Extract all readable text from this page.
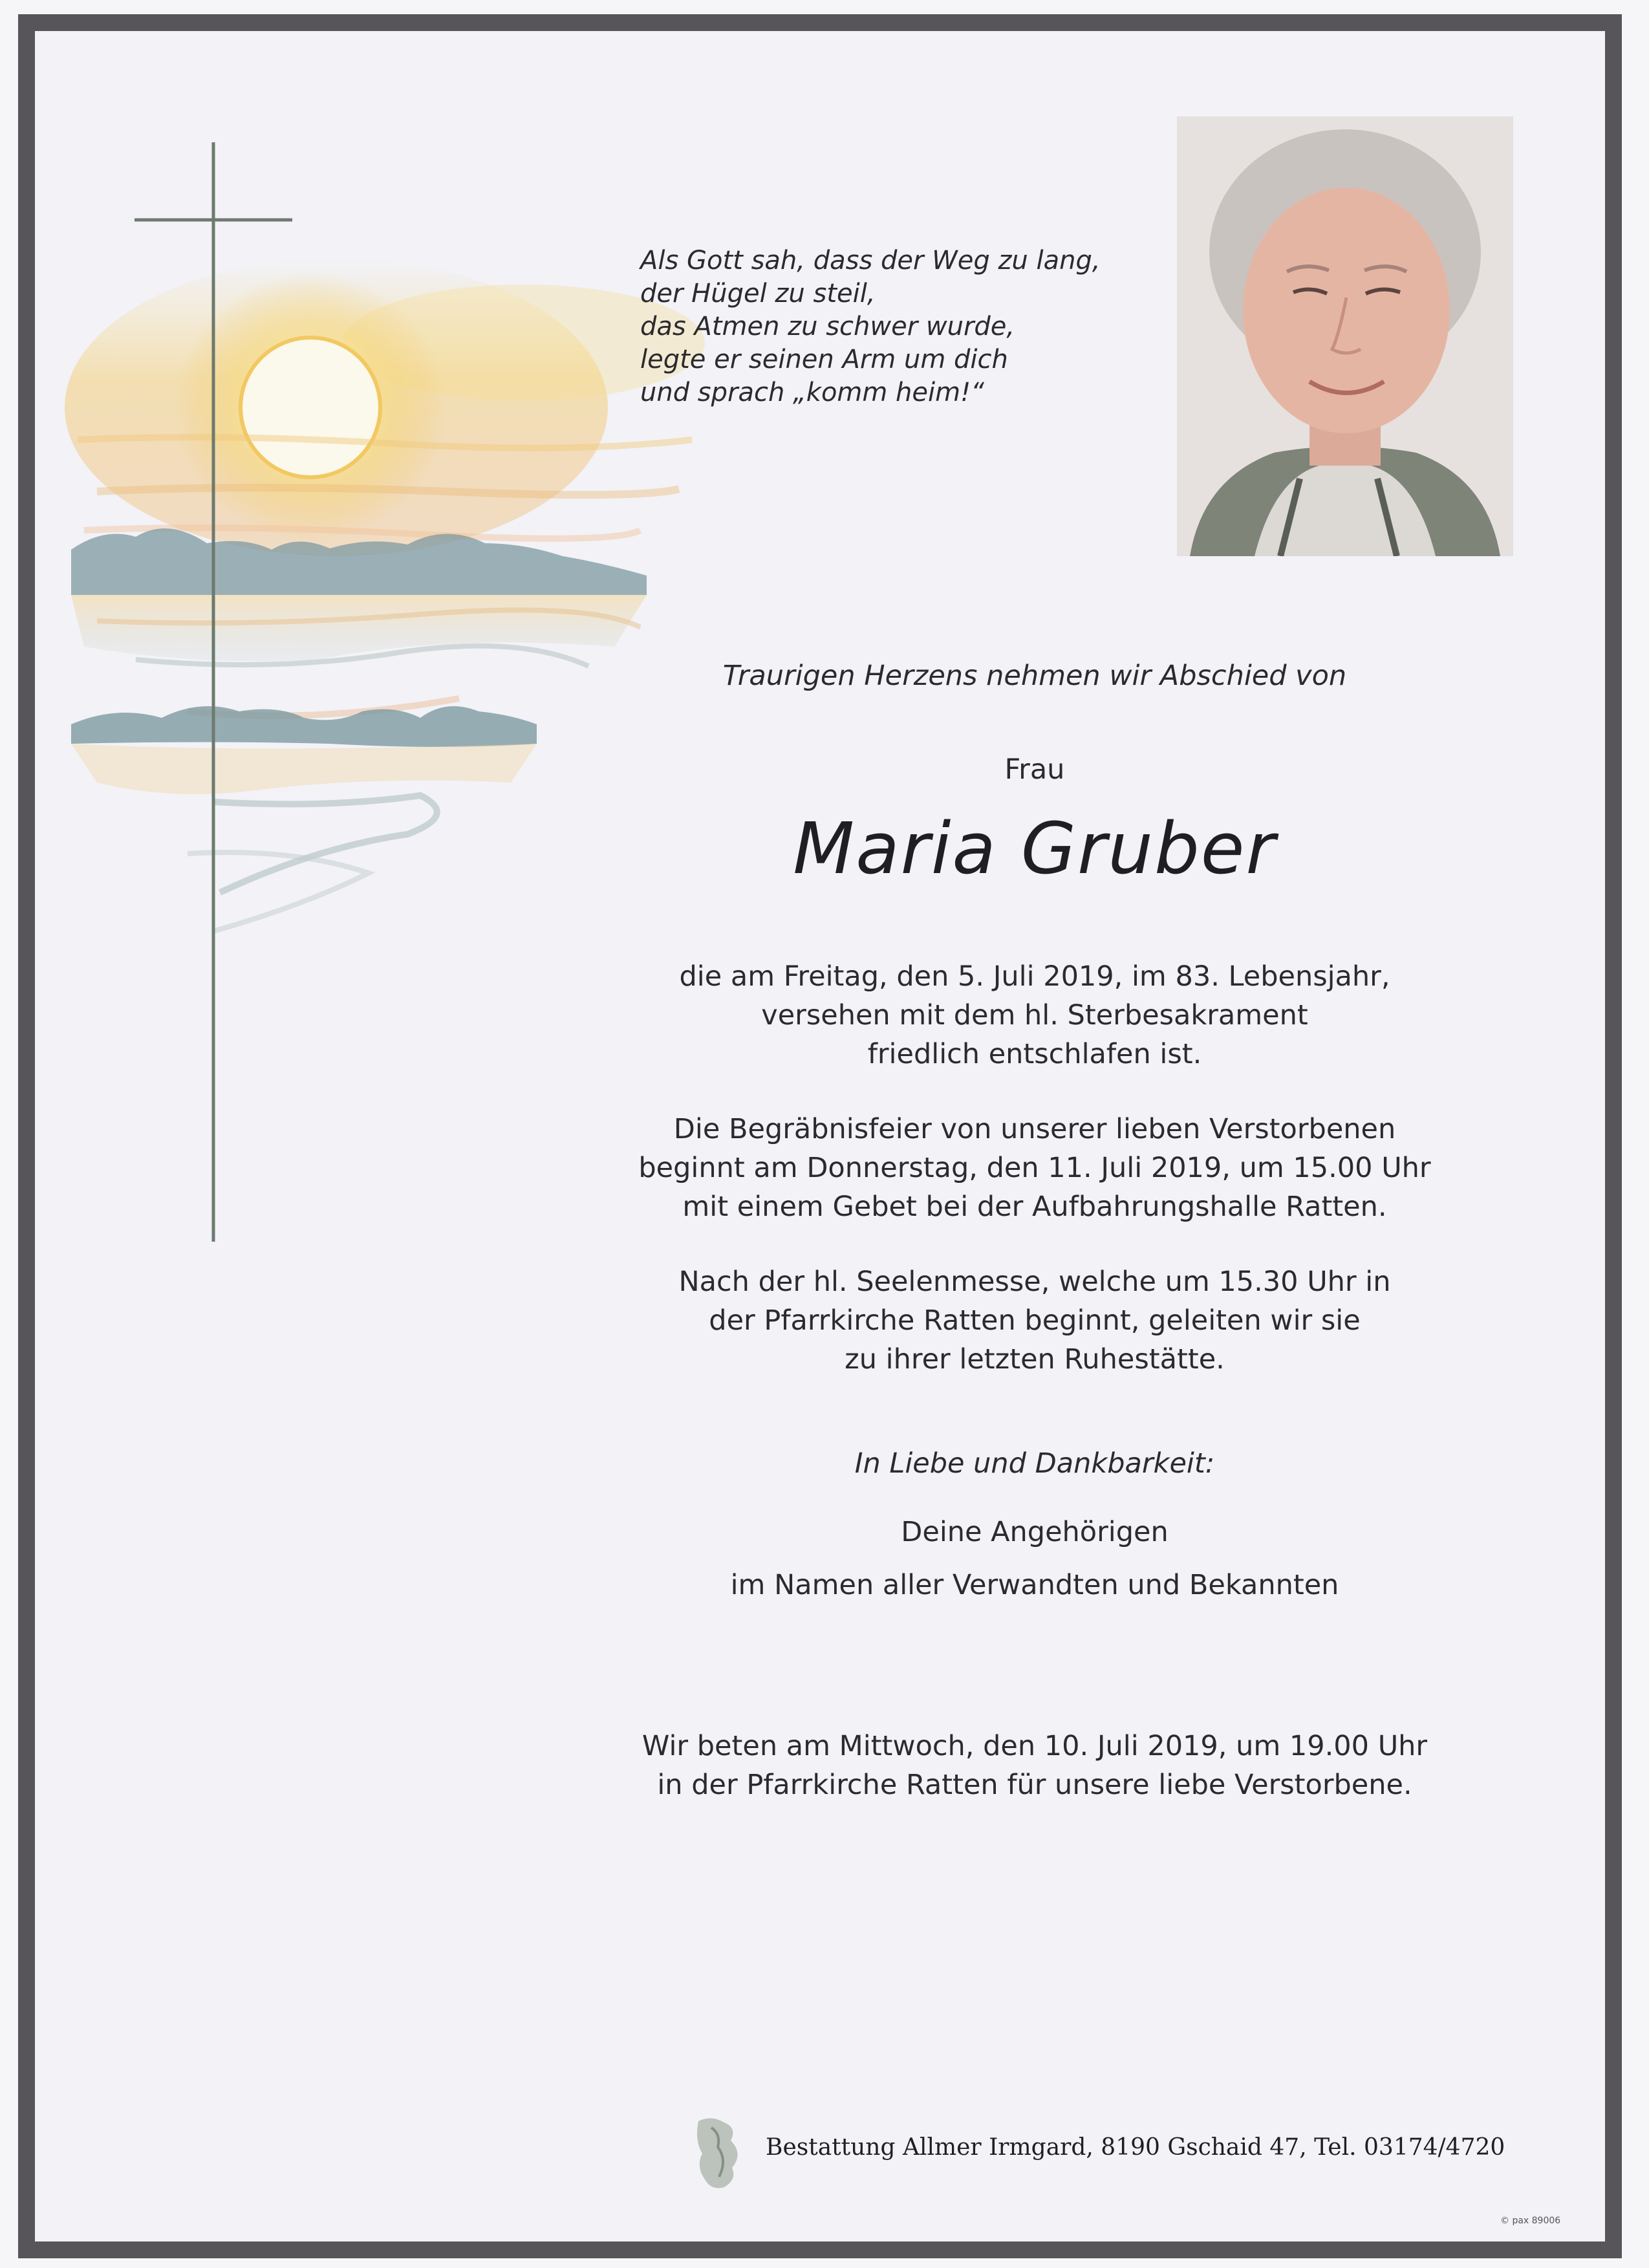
Als Gott sah, dass der Weg zu lang,
der Hügel zu steil,
das Atmen zu schwer wurde,
legte er seinen Arm um dich
und sprach „komm heim!“
Traurigen Herzens nehmen wir Abschied von
Frau
Maria Gruber
die am Freitag, den 5. Juli 2019, im 83. Lebensjahr,
versehen mit dem hl. Sterbesakrament
friedlich entschlafen ist.
Die Begräbnisfeier von unserer lieben Verstorbenen
beginnt am Donnerstag, den 11. Juli 2019, um 15.00 Uhr
mit einem Gebet bei der Aufbahrungshalle Ratten.
Nach der hl. Seelenmesse, welche um 15.30 Uhr in
der Pfarrkirche Ratten beginnt, geleiten wir sie
zu ihrer letzten Ruhestätte.
In Liebe und Dankbarkeit:
Deine Angehörigen
im Namen aller Verwandten und Bekannten
Wir beten am Mittwoch, den 10. Juli 2019, um 19.00 Uhr
in der Pfarrkirche Ratten für unsere liebe Verstorbene.
Bestattung Allmer Irmgard, 8190 Gschaid 47, Tel. 03174/4720
© pax 89006
